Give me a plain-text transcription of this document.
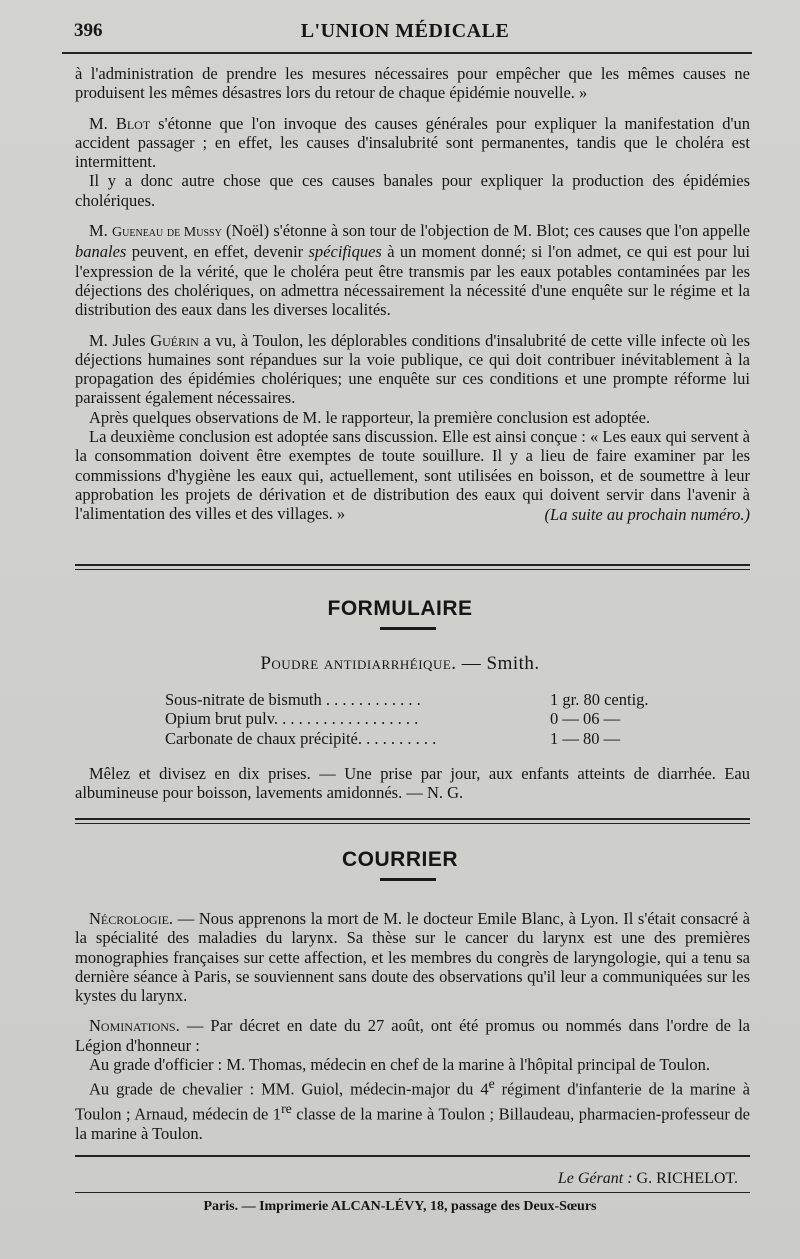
396	L'UNION MÉDICALE

à l'administration de prendre les mesures nécessaires pour empêcher que les mêmes causes ne produisent les mêmes désastres lors du retour de chaque épidémie nouvelle. »

M. Blot s'étonne que l'on invoque des causes générales pour expliquer la manifestation d'un accident passager ; en effet, les causes d'insalubrité sont permanentes, tandis que le choléra est intermittent.

Il y a donc autre chose que ces causes banales pour expliquer la production des épidémies cholériques.

M. Gueneau de Mussy (Noël) s'étonne à son tour de l'objection de M. Blot; ces causes que l'on appelle banales peuvent, en effet, devenir spécifiques à un moment donné; si l'on admet, ce qui est pour lui l'expression de la vérité, que le choléra peut être transmis par les eaux potables contaminées par les déjections des cholériques, on admettra nécessairement la nécessité d'une enquête sur le régime et la distribution des eaux dans les diverses localités.

M. Jules Guérin a vu, à Toulon, les déplorables conditions d'insalubrité de cette ville infecte où les déjections humaines sont répandues sur la voie publique, ce qui doit contribuer inévitablement à la propagation des épidémies cholériques; une enquête sur ces conditions et une prompte réforme lui paraissent également nécessaires.

Après quelques observations de M. le rapporteur, la première conclusion est adoptée.

La deuxième conclusion est adoptée sans discussion. Elle est ainsi conçue : « Les eaux qui servent à la consommation doivent être exemptes de toute souillure. Il y a lieu de faire examiner par les commissions d'hygiène les eaux qui, actuellement, sont utilisées en boisson, et de soumettre à leur approbation les projets de dérivation et de distribution des eaux qui doivent servir dans l'avenir à l'alimentation des villes et des villages. »	(La suite au prochain numéro.)

FORMULAIRE
Poudre antidiarrhéique. — Smith.
Sous-nitrate de bismuth . . . . . . . . . . . .	1 gr. 80 centig.
Opium brut pulv. . . . . . . . . . . . . . . . . .	0 — 06 —
Carbonate de chaux précipité. . . . . . . . . .	1 — 80 —

Mêlez et divisez en dix prises. — Une prise par jour, aux enfants atteints de diarrhée. Eau albumineuse pour boisson, lavements amidonnés. — N. G.

COURRIER

Nécrologie. — Nous apprenons la mort de M. le docteur Emile Blanc, à Lyon. Il s'était consacré à la spécialité des maladies du larynx. Sa thèse sur le cancer du larynx est une des premières monographies françaises sur cette affection, et les membres du congrès de laryngologie, qui a tenu sa dernière séance à Paris, se souviennent sans doute des observations qu'il leur a communiquées sur les kystes du larynx.

Nominations. — Par décret en date du 27 août, ont été promus ou nommés dans l'ordre de la Légion d'honneur :

Au grade d'officier : M. Thomas, médecin en chef de la marine à l'hôpital principal de Toulon.

Au grade de chevalier : MM. Guiol, médecin-major du 4e régiment d'infanterie de la marine à Toulon ; Arnaud, médecin de 1re classe de la marine à Toulon ; Billaudeau, pharmacien-professeur de la marine à Toulon.

Le Gérant : G. RICHELOT.
Paris. — Imprimerie ALCAN-LÉVY, 18, passage des Deux-Sœurs
